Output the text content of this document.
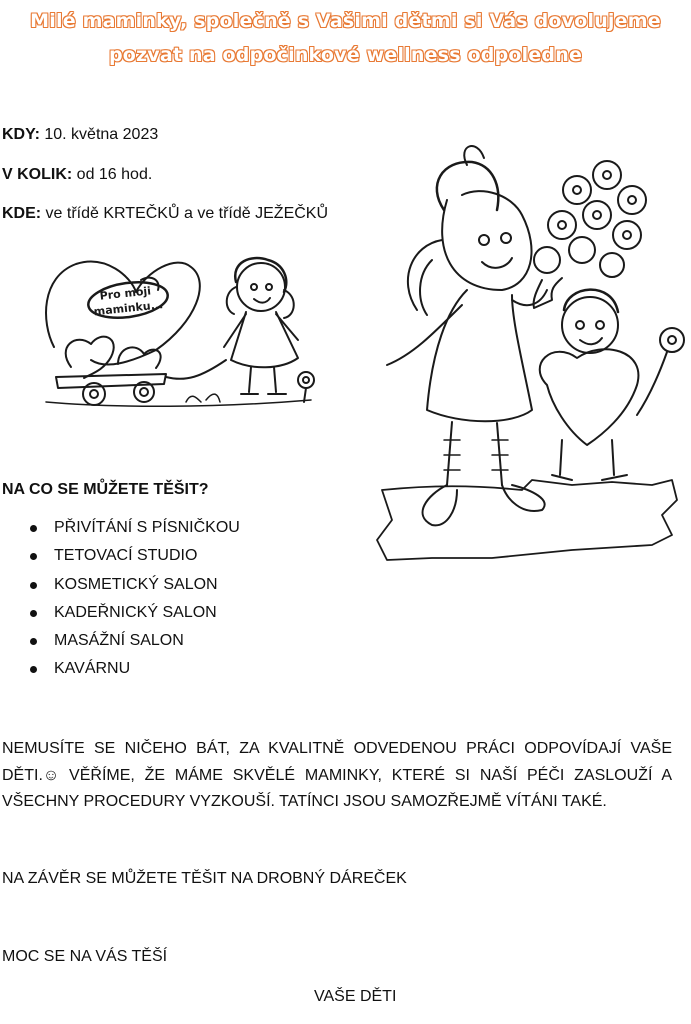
Milé maminky, společně s Vašimi dětmi si Vás dovolujeme
pozvat na odpočinkové wellness odpoledne
KDY: 10. května 2023
V KOLIK: od 16 hod.
KDE: ve třídě KRTEČKŮ a ve třídě JEŽEČKŮ
Pro moji
maminku...
NA CO SE MŮŽETE TĚŠIT?
PŘIVÍTÁNÍ S PÍSNIČKOU
TETOVACÍ STUDIO
KOSMETICKÝ SALON
KADEŘNICKÝ SALON
MASÁŽNÍ SALON
KAVÁRNU
NEMUSÍTE SE NIČEHO BÁT, ZA KVALITNĚ ODVEDENOU PRÁCI ODPOVÍDAJÍ VAŠE DĚTI.☺ VĚŘÍME, ŽE MÁME SKVĚLÉ MAMINKY, KTERÉ SI NAŠÍ PÉČI ZASLOUŽÍ A VŠECHNY PROCEDURY VYZKOUŠÍ. TATÍNCI JSOU SAMOZŘEJMĚ VÍTÁNI TAKÉ.
NA ZÁVĚR SE MŮŽETE TĚŠIT NA DROBNÝ DÁREČEK
MOC SE NA VÁS TĚŠÍ
VAŠE DĚTI
